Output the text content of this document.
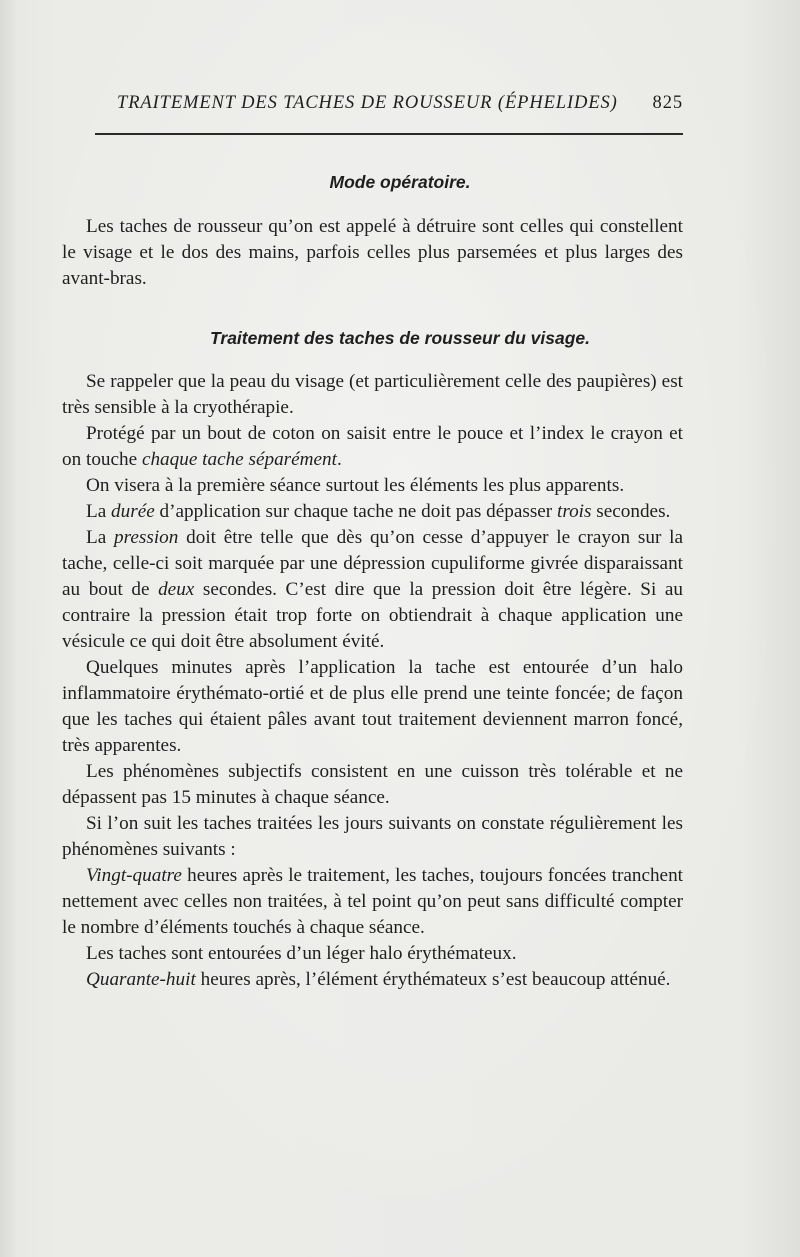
TRAITEMENT DES TACHES DE ROUSSEUR (ÉPHELIDES) 825
Mode opératoire.

Les taches de rousseur qu’on est appelé à détruire sont celles qui constellent le visage et le dos des mains, parfois celles plus parsemées et plus larges des avant-bras.

Traitement des taches de rousseur du visage.

Se rappeler que la peau du visage (et particulièrement celle des paupières) est très sensible à la cryothérapie.

Protégé par un bout de coton on saisit entre le pouce et l’index le crayon et on touche chaque tache séparément.

On visera à la première séance surtout les éléments les plus apparents.

La durée d’application sur chaque tache ne doit pas dépasser trois secondes.

La pression doit être telle que dès qu’on cesse d’appuyer le crayon sur la tache, celle-ci soit marquée par une dépression cupuliforme givrée disparaissant au bout de deux secondes. C’est dire que la pression doit être légère. Si au contraire la pression était trop forte on obtiendrait à chaque application une vésicule ce qui doit être absolument évité.

Quelques minutes après l’application la tache est entourée d’un halo inflammatoire érythémato-ortié et de plus elle prend une teinte foncée; de façon que les taches qui étaient pâles avant tout traitement deviennent marron foncé, très apparentes.

Les phénomènes subjectifs consistent en une cuisson très tolérable et ne dépassent pas 15 minutes à chaque séance.

Si l’on suit les taches traitées les jours suivants on constate régulièrement les phénomènes suivants :

Vingt-quatre heures après le traitement, les taches, toujours foncées tranchent nettement avec celles non traitées, à tel point qu’on peut sans difficulté compter le nombre d’éléments touchés à chaque séance.

Les taches sont entourées d’un léger halo érythémateux.

Quarante-huit heures après, l’élément érythémateux s’est beaucoup atténué.
